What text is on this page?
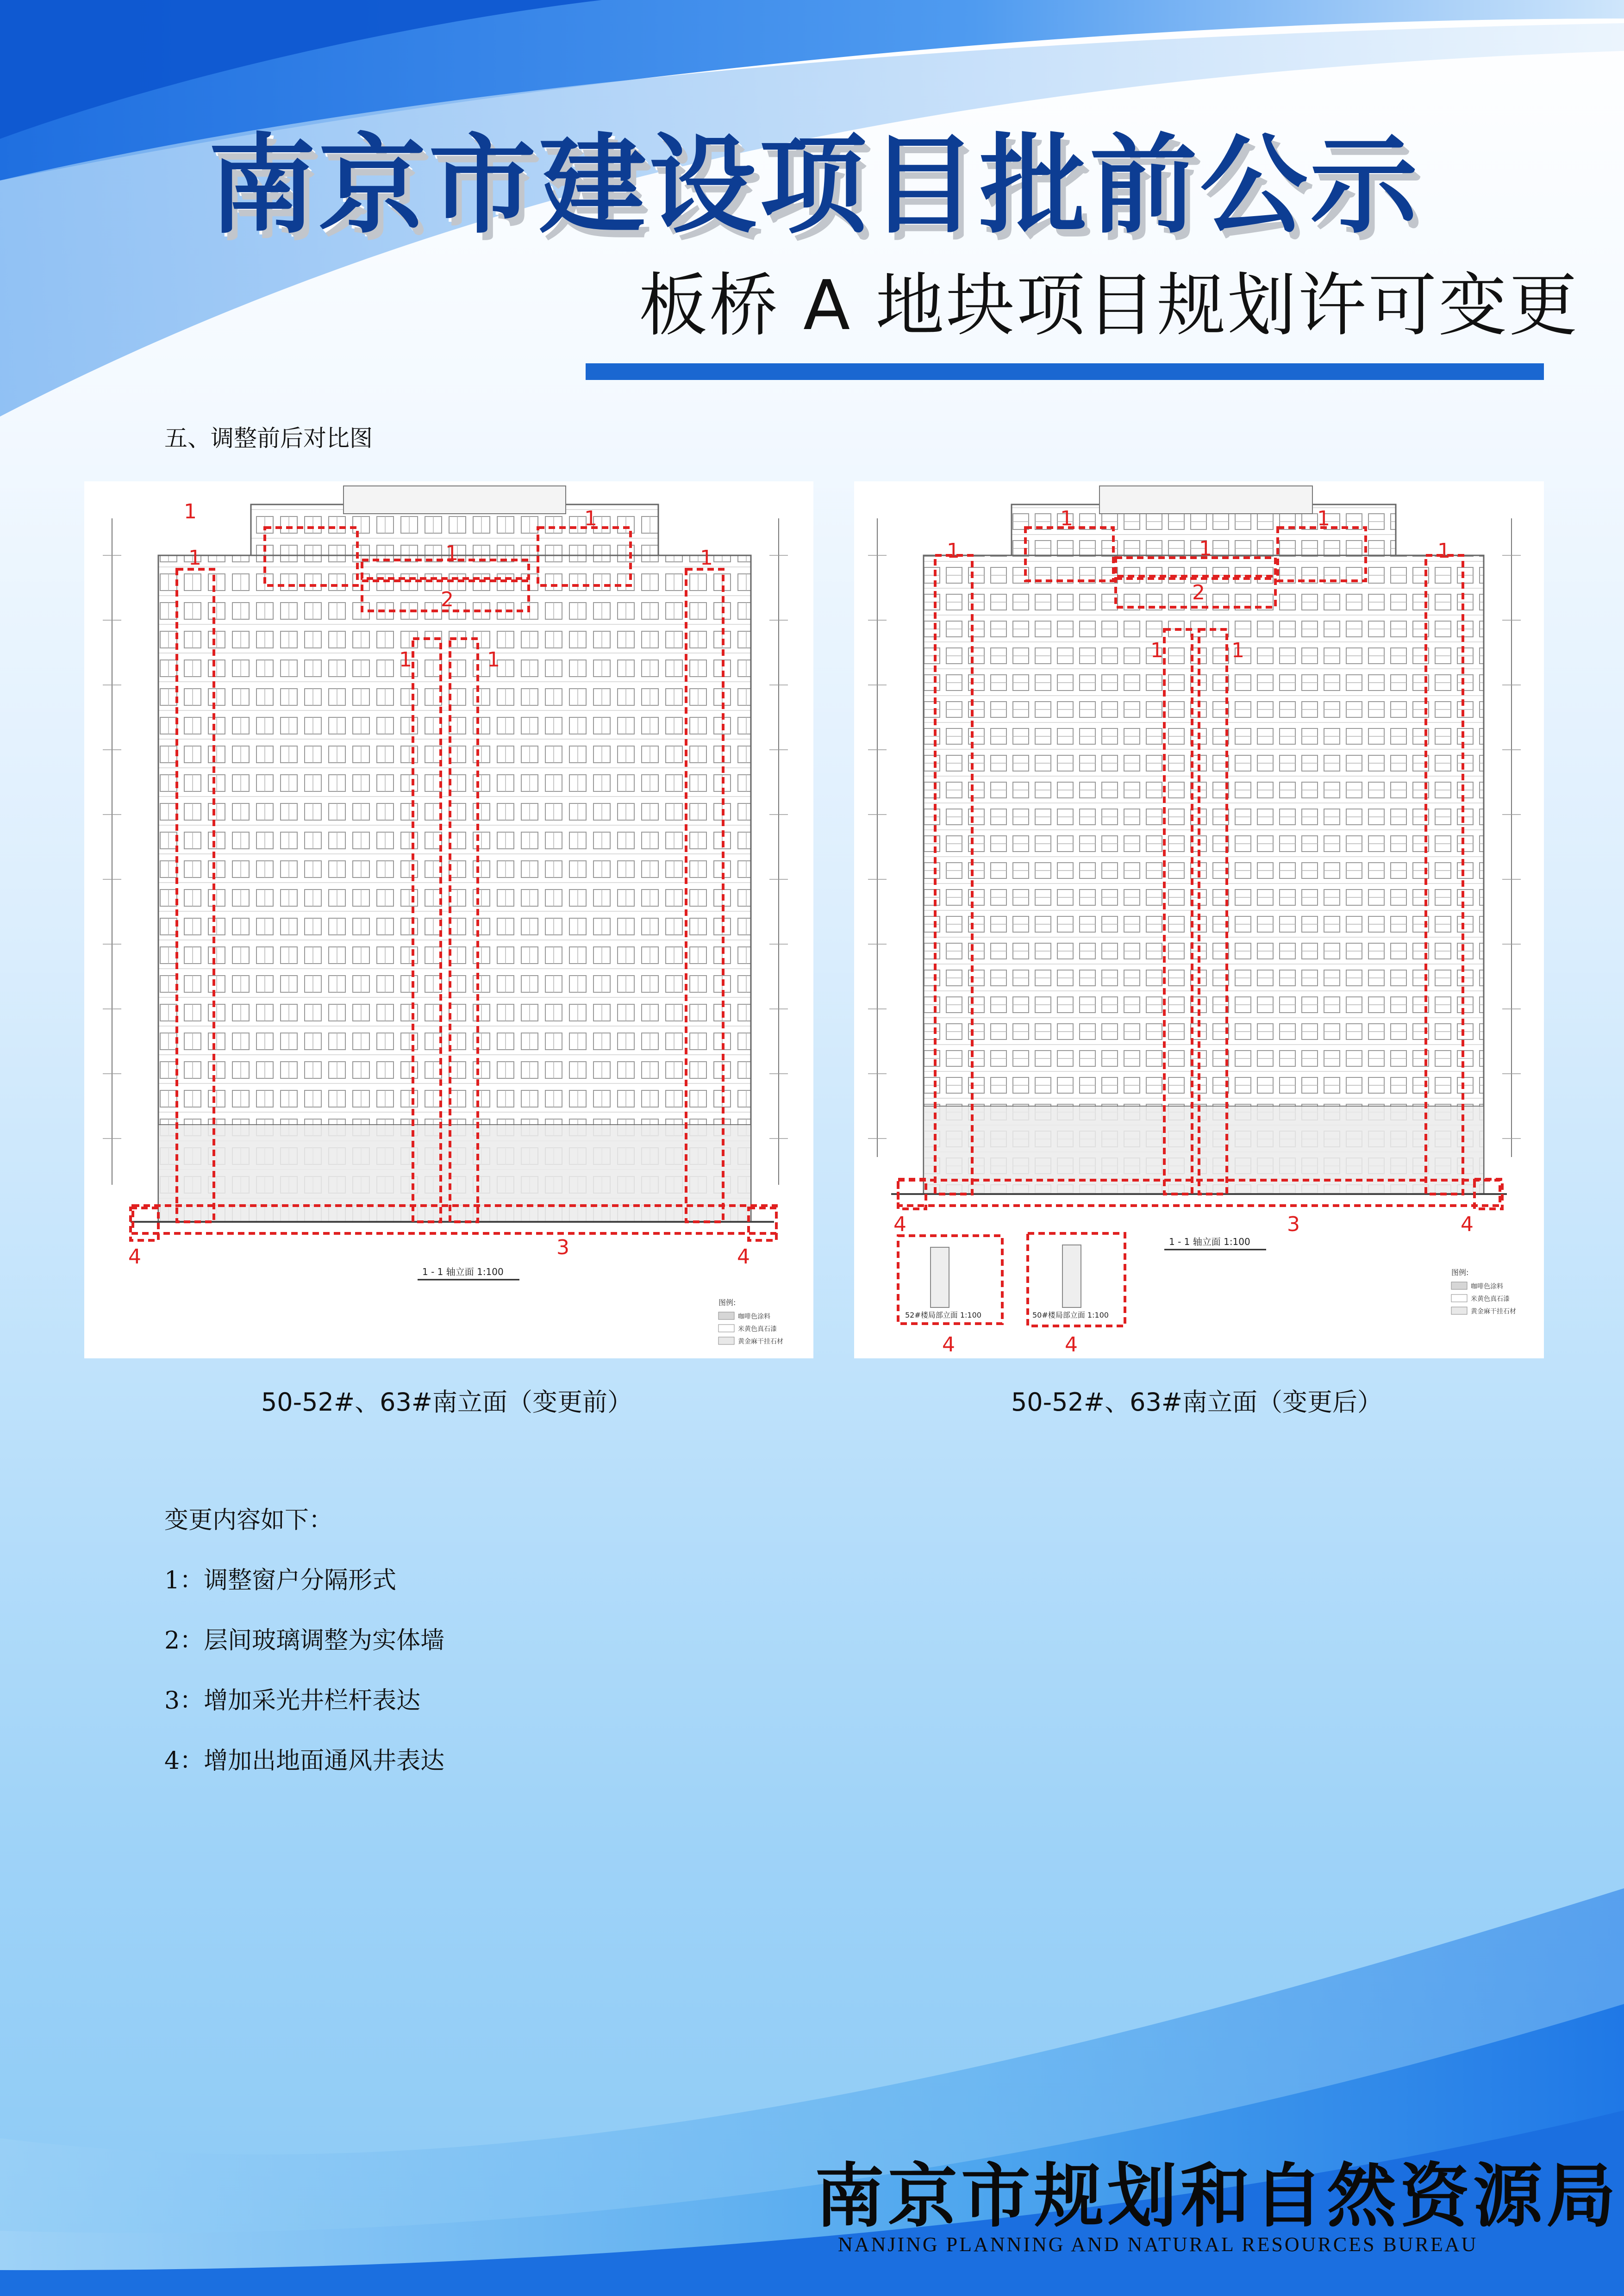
南京市建设项目批前公示
板桥 A 地块项目规划许可变更
五、调整前后对比图
1
1
1
1
1
1	1
2
3
4	4
1 - 1 轴立面 1:100
图例:
咖啡色涂料
米黄色真石漆
黄金麻干挂石材
1
1
1
1
1
1	1
2
3
4	4
4	4
52#楼局部立面 1:100	50#楼局部立面 1:100
1 - 1 轴立面 1:100
图例:
咖啡色涂料
米黄色真石漆
黄金麻干挂石材
50-52#、63#南立面（变更前）	50-52#、63#南立面（变更后）
变更内容如下：
1：调整窗户分隔形式
2：层间玻璃调整为实体墙
3：增加采光井栏杆表达
4：增加出地面通风井表达
南京市规划和自然资源局
NANJING PLANNING AND NATURAL RESOURCES BUREAU
